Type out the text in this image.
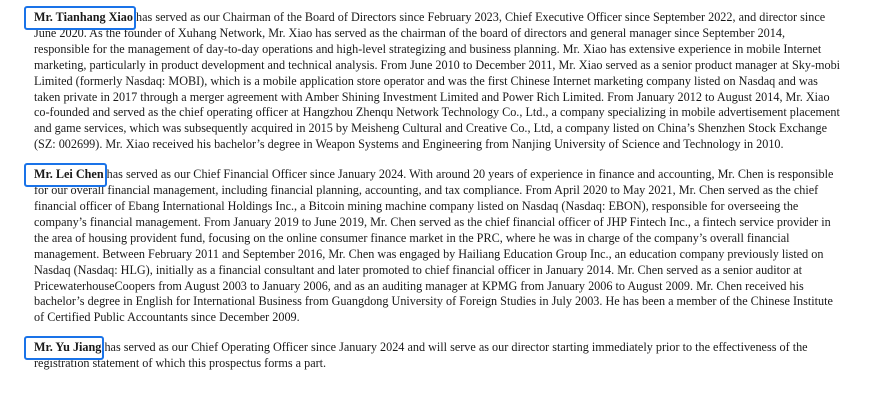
Mr. Tianhang Xiao
has served as our Chairman of the Board of Directors since February 2023, Chief Executive Officer since September 2022, and director since June 2020. As the founder of Xuhang Network, Mr. Xiao has served as the chairman of the board of directors and general manager since September 2014, responsible for the management of day-to-day operations and high-level strategizing and business planning. Mr. Xiao has extensive experience in mobile Internet marketing, particularly in product development and technical analysis. From June 2010 to December 2011, Mr. Xiao served as a senior product manager at Sky-mobi Limited (formerly Nasdaq: MOBI), which is a mobile application store operator and was the first Chinese Internet marketing company listed on Nasdaq and was taken private in 2017 through a merger agreement with Amber Shining Investment Limited and Power Rich Limited. From January 2012 to August 2014, Mr. Xiao co-founded and served as the chief operating officer at Hangzhou Zhenqu Network Technology Co., Ltd., a company specializing in mobile advertisement placement and game services, which was subsequently acquired in 2015 by Meisheng Cultural and Creative Co., Ltd, a company listed on China’s Shenzhen Stock Exchange (SZ: 002699). Mr. Xiao received his bachelor’s degree in Weapon Systems and Engineering from Nanjing University of Science and Technology in 2010.

Mr. Lei Chen
has served as our Chief Financial Officer since January 2024. With around 20 years of experience in finance and accounting, Mr. Chen is responsible for our overall financial management, including financial planning, accounting, and tax compliance. From April 2020 to May 2021, Mr. Chen served as the chief financial officer of Ebang International Holdings Inc., a Bitcoin mining machine company listed on Nasdaq (Nasdaq: EBON), responsible for overseeing the company’s financial management. From January 2019 to June 2019, Mr. Chen served as the chief financial officer of JHP Fintech Inc., a fintech service provider in the area of housing provident fund, focusing on the online consumer finance market in the PRC, where he was in charge of the company’s overall financial management. Between February 2011 and September 2016, Mr. Chen was engaged by Hailiang Education Group Inc., an education company previously listed on Nasdaq (Nasdaq: HLG), initially as a financial consultant and later promoted to chief financial officer in January 2014. Mr. Chen served as a senior auditor at PricewaterhouseCoopers from August 2003 to January 2006, and as an auditing manager at KPMG from January 2006 to August 2009. Mr. Chen received his bachelor’s degree in English for International Business from Guangdong University of Foreign Studies in July 2003. He has been a member of the Chinese Institute of Certified Public Accountants since December 2009.

Mr. Yu Jiang
has served as our Chief Operating Officer since January 2024 and will serve as our director starting immediately prior to the effectiveness of the registration statement of which this prospectus forms a part.
